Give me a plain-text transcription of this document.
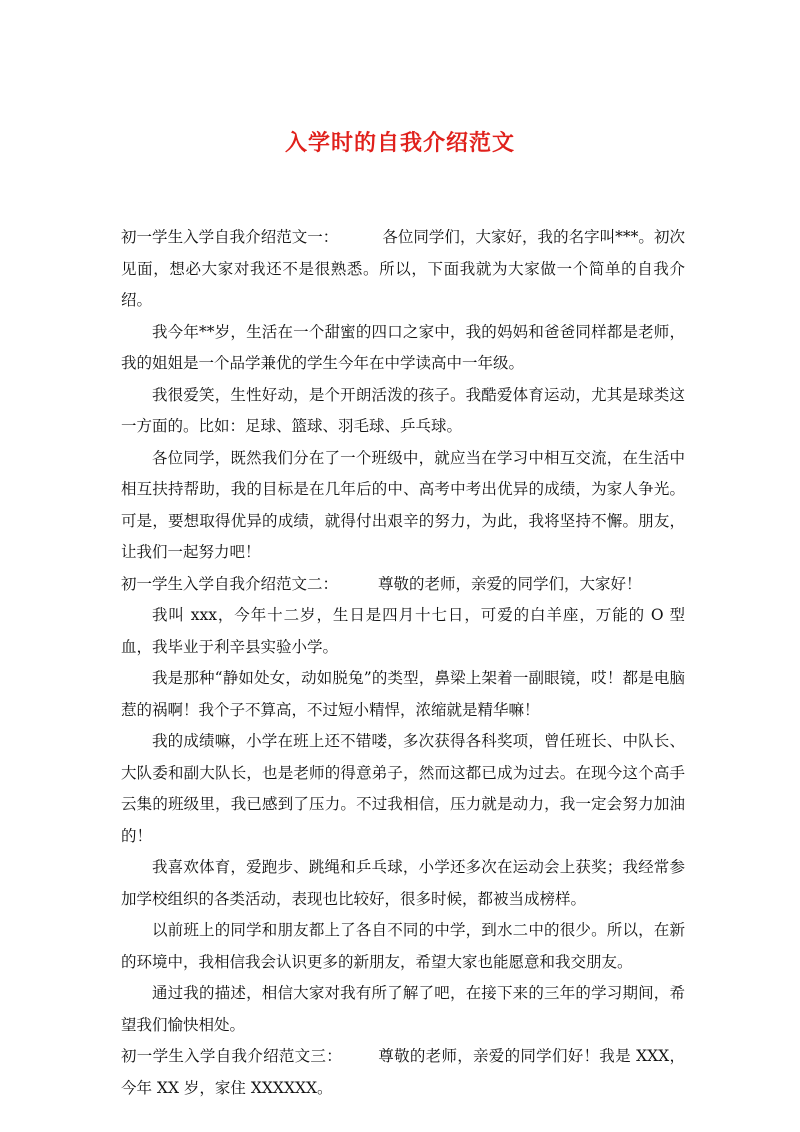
入学时的自我介绍范文

初一学生入学自我介绍范文一：	各位同学们，大家好，我的名字叫***。初次见面，想必大家对我还不是很熟悉。所以，下面我就为大家做一个简单的自我介绍。

我今年**岁，生活在一个甜蜜的四口之家中，我的妈妈和爸爸同样都是老师，我的姐姐是一个品学兼优的学生今年在中学读高中一年级。

我很爱笑，生性好动，是个开朗活泼的孩子。我酷爱体育运动，尤其是球类这一方面的。比如：足球、篮球、羽毛球、乒乓球。

各位同学，既然我们分在了一个班级中，就应当在学习中相互交流，在生活中相互扶持帮助，我的目标是在几年后的中、高考中考出优异的成绩，为家人争光。可是，要想取得优异的成绩，就得付出艰辛的努力，为此，我将坚持不懈。朋友，让我们一起努力吧！

初一学生入学自我介绍范文二：	尊敬的老师，亲爱的同学们，大家好！

我叫 xxx，今年十二岁，生日是四月十七日，可爱的白羊座，万能的 O 型血，我毕业于利辛县实验小学。

我是那种“静如处女，动如脱兔”的类型，鼻梁上架着一副眼镜，哎！都是电脑惹的祸啊！我个子不算高，不过短小精悍，浓缩就是精华嘛！

我的成绩嘛，小学在班上还不错喽，多次获得各科奖项，曾任班长、中队长、大队委和副大队长，也是老师的得意弟子，然而这都已成为过去。在现今这个高手云集的班级里，我已感到了压力。不过我相信，压力就是动力，我一定会努力加油的！

我喜欢体育，爱跑步、跳绳和乒乓球，小学还多次在运动会上获奖；我经常参加学校组织的各类活动，表现也比较好，很多时候，都被当成榜样。

以前班上的同学和朋友都上了各自不同的中学，到水二中的很少。所以，在新的环境中，我相信我会认识更多的新朋友，希望大家也能愿意和我交朋友。

通过我的描述，相信大家对我有所了解了吧，在接下来的三年的学习期间，希望我们愉快相处。

初一学生入学自我介绍范文三： 尊敬的老师，亲爱的同学们好！我是 XXX，今年 XX 岁，家住 XXXXXX。
